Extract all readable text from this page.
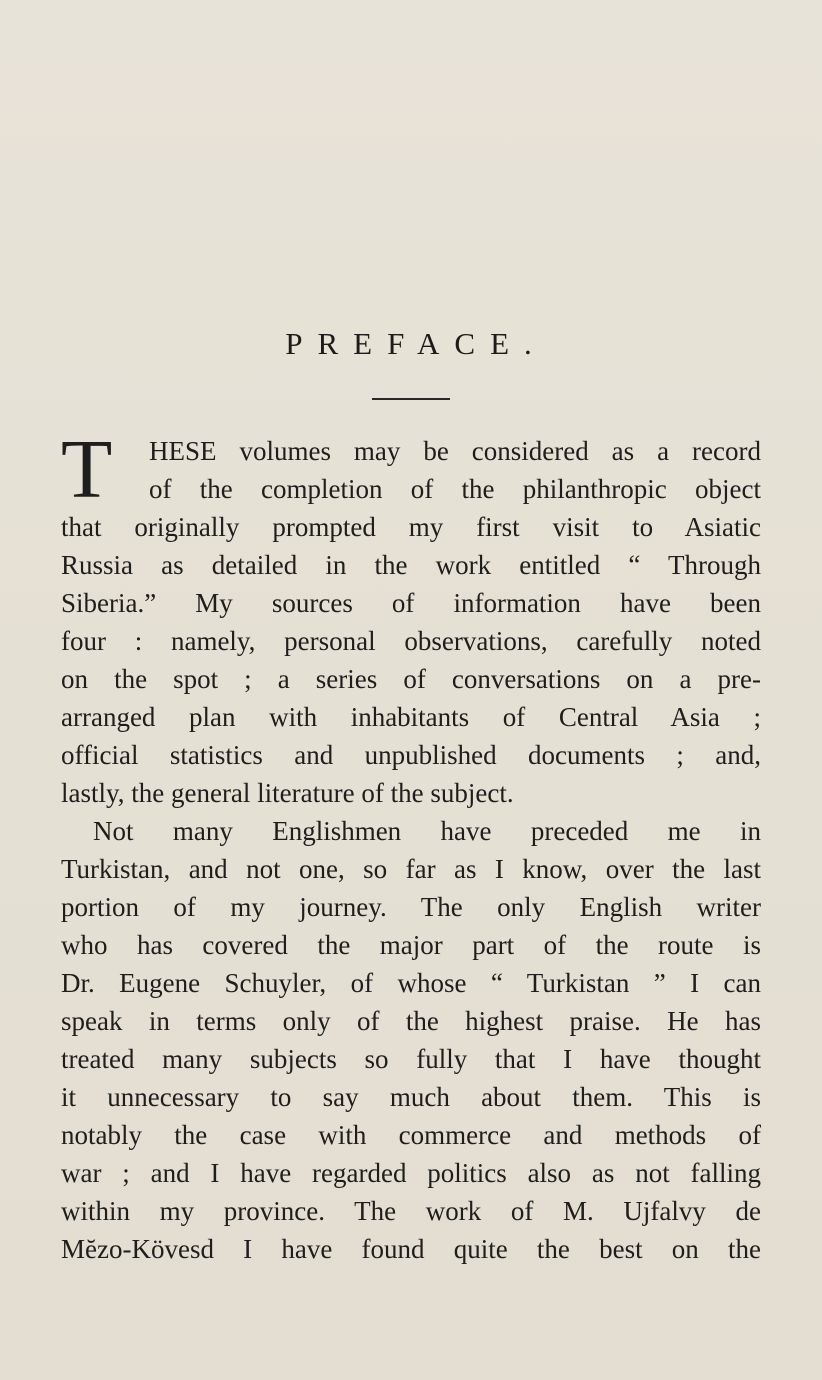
PREFACE.
T	HESE volumes may be considered as a record
of the completion of the philanthropic object
that originally prompted my first visit to Asiatic
Russia as detailed in the work entitled “ Through
Siberia.” My sources of information have been
four : namely, personal observations, carefully noted
on the spot ; a series of conversations on a pre-
arranged plan with inhabitants of Central Asia ;
official statistics and unpublished documents ; and,
lastly, the general literature of the subject.
Not many Englishmen have preceded me in
Turkistan, and not one, so far as I know, over the last
portion of my journey. The only English writer
who has covered the major part of the route is
Dr. Eugene Schuyler, of whose “ Turkistan ” I can
speak in terms only of the highest praise. He has
treated many subjects so fully that I have thought
it unnecessary to say much about them. This is
notably the case with commerce and methods of
war ; and I have regarded politics also as not falling
within my province. The work of M. Ujfalvy de
Mĕzo-Kövesd I have found quite the best on the
